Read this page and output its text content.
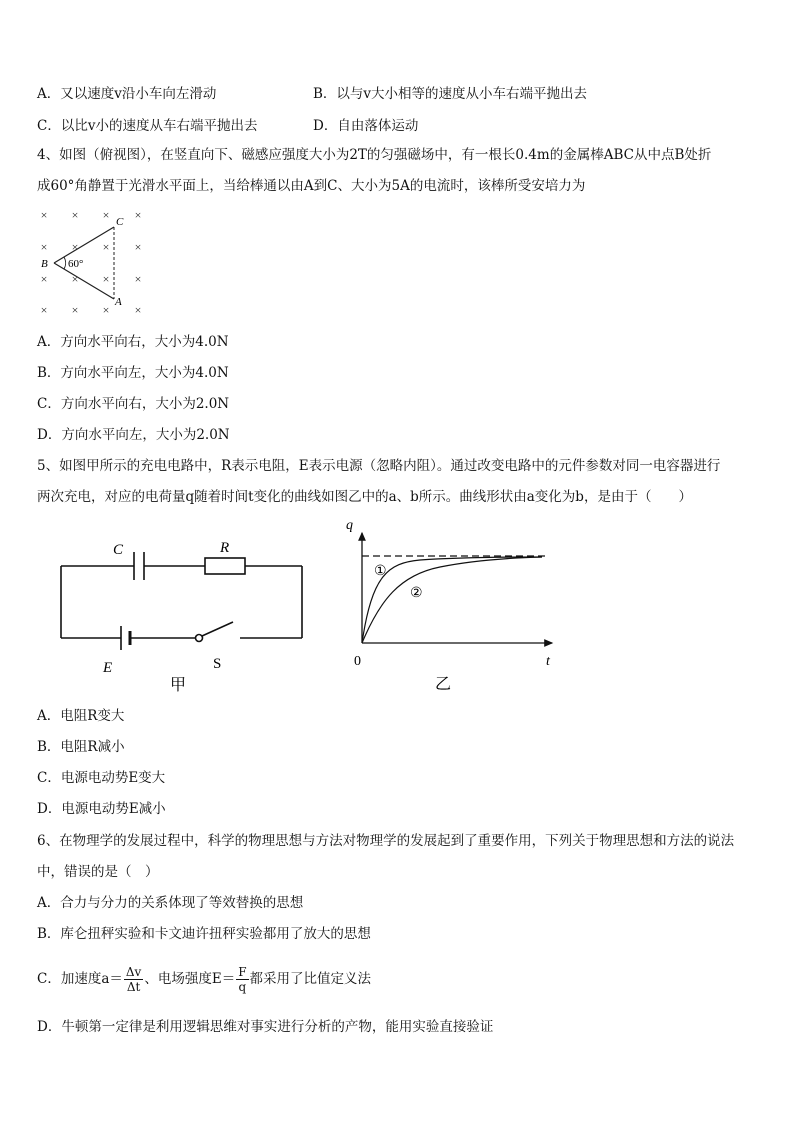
A．又以速度v沿小车向左滑动	B．以与v大小相等的速度从小车右端平抛出去
C．以比v小的速度从车右端平抛出去	D．自由落体运动
4、如图（俯视图），在竖直向下、磁感应强度大小为2T的匀强磁场中，有一根长0.4m的金属棒ABC从中点B处折
成60°角静置于光滑水平面上，当给棒通以由A到C、大小为5A的电流时，该棒所受安培力为
× × × ×
× × × ×
× × × ×
× × × ×
C
B
A
60°
A．方向水平向右，大小为4.0N
B．方向水平向左，大小为4.0N
C．方向水平向右，大小为2.0N
D．方向水平向左，大小为2.0N
5、如图甲所示的充电电路中，R表示电阻，E表示电源（忽略内阻）。通过改变电路中的元件参数对同一电容器进行
两次充电，对应的电荷量q随着时间t变化的曲线如图乙中的a、b所示。曲线形状由a变化为b，是由于（　　）
C	R
E	S
甲
q
t
0
①
②
乙
A．电阻R变大
B．电阻R减小
C．电源电动势E变大
D．电源电动势E减小
6、在物理学的发展过程中，科学的物理思想与方法对物理学的发展起到了重要作用，下列关于物理思想和方法的说法
中，错误的是（　）
A．合力与分力的关系体现了等效替换的思想
B．库仑扭秤实验和卡文迪许扭秤实验都用了放大的思想
C．加速度$a= \frac{\Delta v}{\Delta t}$ 、电场强度$E= \frac{F}{q}$ 都采用了比值定义法
D．牛顿第一定律是利用逻辑思维对事实进行分析的产物，能用实验直接验证
